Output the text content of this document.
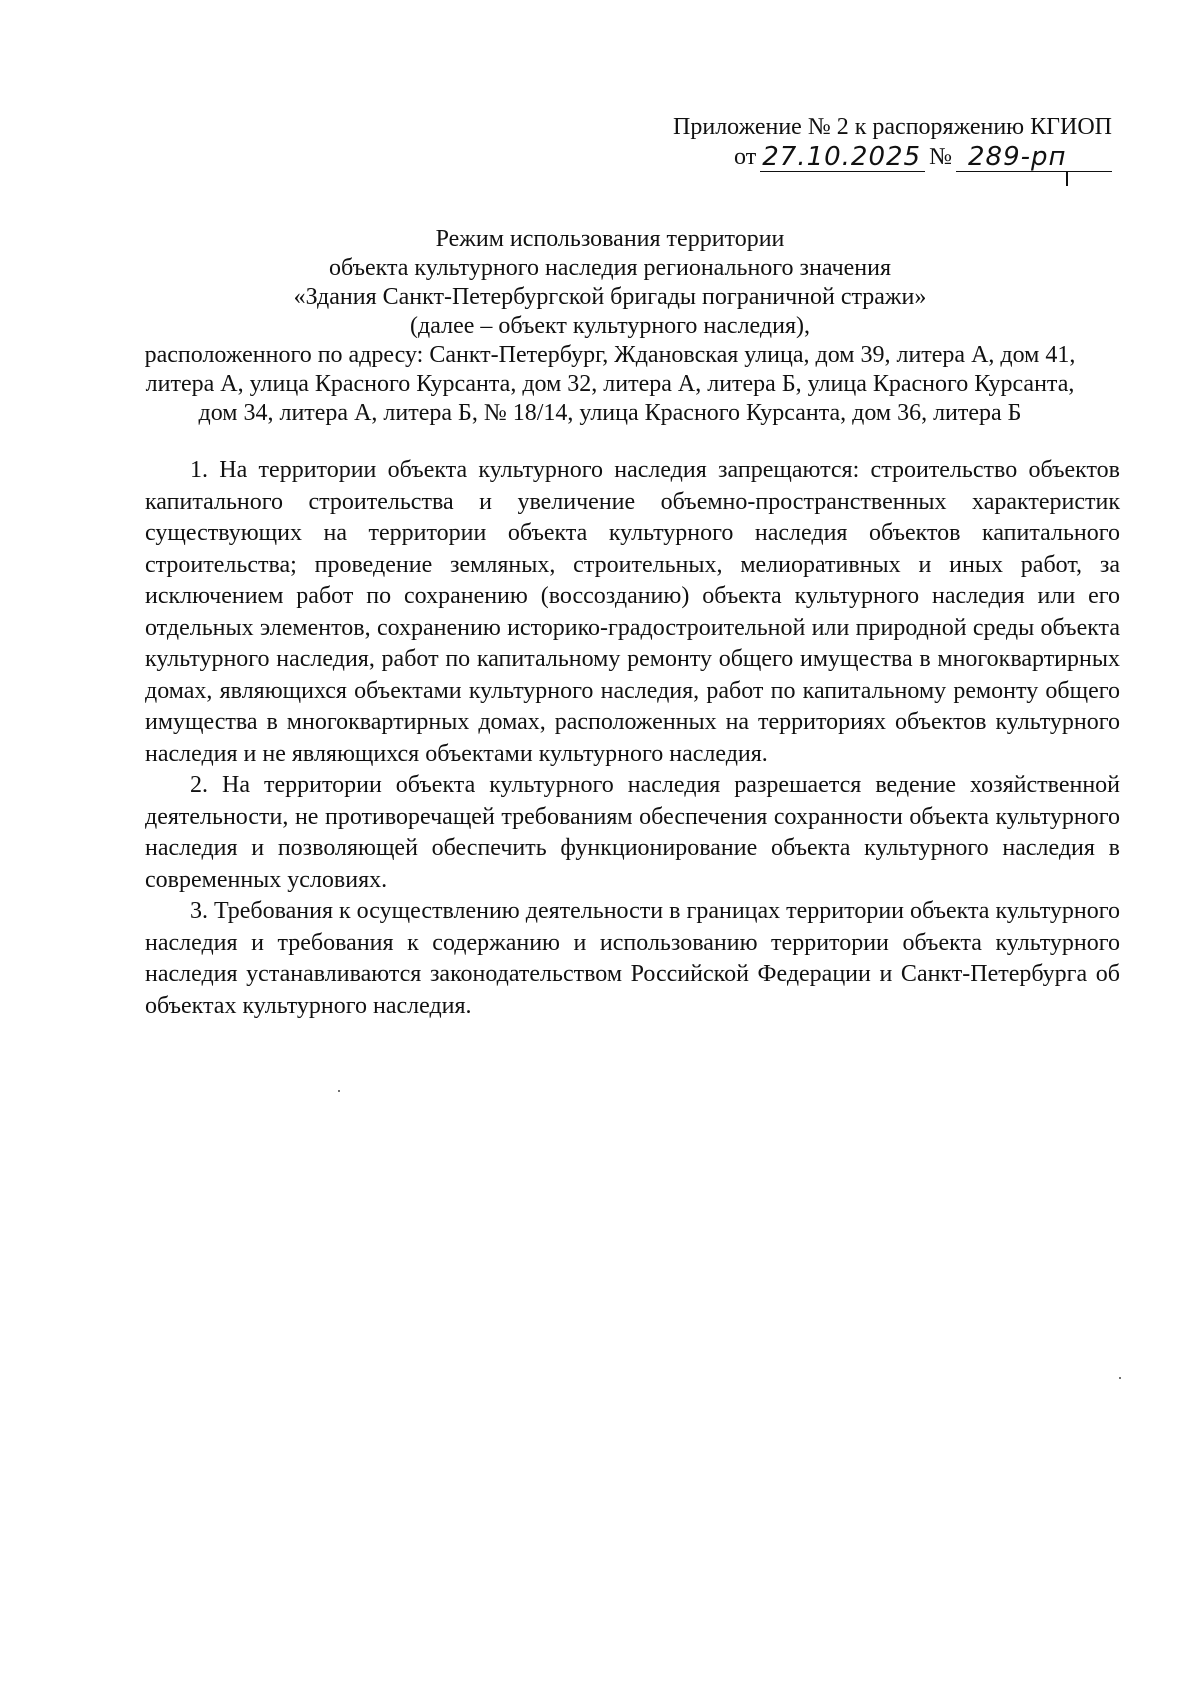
Приложение № 2 к распоряжению КГИОП
от 27.10.2025 № 289-рп
Режим использования территории
объекта культурного наследия регионального значения
«Здания Санкт-Петербургской бригады пограничной стражи»
(далее – объект культурного наследия),
расположенного по адресу: Санкт-Петербург, Ждановская улица, дом 39, литера А, дом 41,
литера А, улица Красного Курсанта, дом 32, литера А, литера Б, улица Красного Курсанта,
дом 34, литера А, литера Б, № 18/14, улица Красного Курсанта, дом 36, литера Б

1. На территории объекта культурного наследия запрещаются: строительство объектов капитального строительства и увеличение объемно-пространственных характеристик существующих на территории объекта культурного наследия объектов капитального строительства; проведение земляных, строительных, мелиоративных и иных работ, за исключением работ по сохранению (воссозданию) объекта культурного наследия или его отдельных элементов, сохранению историко-градостроительной или природной среды объекта культурного наследия, работ по капитальному ремонту общего имущества в многоквартирных домах, являющихся объектами культурного наследия, работ по капитальному ремонту общего имущества в многоквартирных домах, расположенных на территориях объектов культурного наследия и не являющихся объектами культурного наследия.

2. На территории объекта культурного наследия разрешается ведение хозяйственной деятельности, не противоречащей требованиям обеспечения сохранности объекта культурного наследия и позволяющей обеспечить функционирование объекта культурного наследия в современных условиях.

3. Требования к осуществлению деятельности в границах территории объекта культурного наследия и требования к содержанию и использованию территории объекта культурного наследия устанавливаются законодательством Российской Федерации и Санкт-Петербурга об объектах культурного наследия.
